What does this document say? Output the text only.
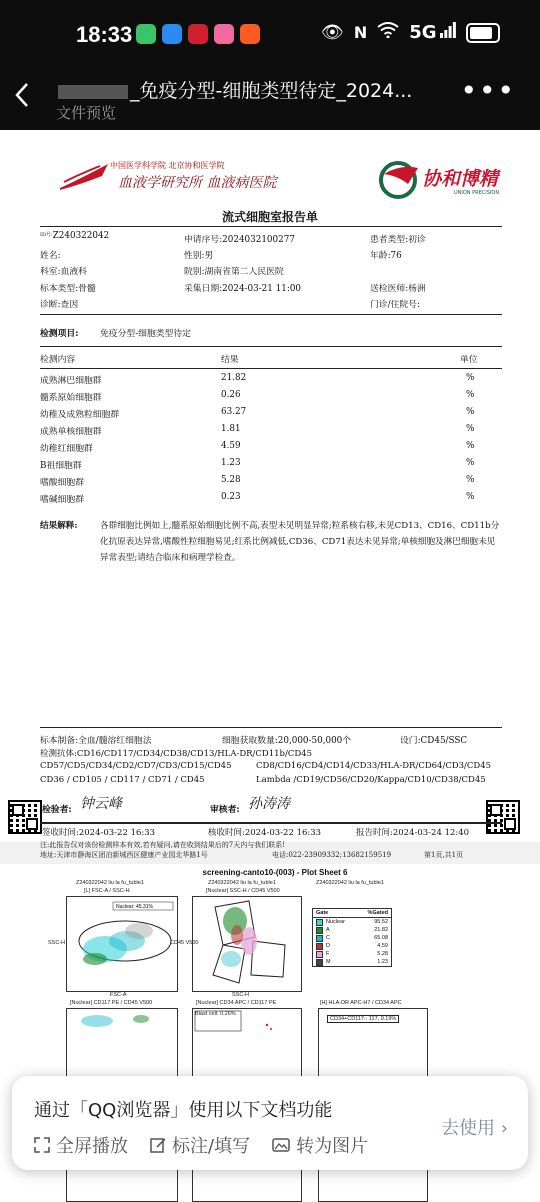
18:33	👁 N 5G
_免疫分型-细胞类型待定_2024...
文件预览
•••
中国医学科学院 北京协和医学院
血液学研究所 血液病医院	协和博精
UNION PRECISION
流式细胞室报告单
$^{ID号:}$Z240322042	申请序号:2024032100277	患者类型:初诊
姓名:	性别:男	年龄:76
科室:血液科	院别:湖南省第二人民医院
标本类型:骨髓	采集日期:2024-03-21 11:00	送检医师:杨洲
诊断:查因	门诊/住院号:
检测项目: 免疫分型-细胞类型待定
检测内容	结果	单位
成熟淋巴细胞群	21.82	%
髓系原始细胞群	0.26	%
幼稚及成熟粒细胞群	63.27	%
成熟单核细胞群	1.81	%
幼稚红细胞群	4.59	%
B祖细胞群	1.23	%
嗜酸细胞群	5.28	%
嗜碱细胞群	0.23	%
结果解释:	各群细胞比例如上,髓系原始细胞比例不高,表型未见明显异常;粒系核右移,未见CD13、CD16、CD11b分化抗原表达异常,嗜酸性粒细胞易见;红系比例减低,CD36、CD71表达未见异常;单核细胞及淋巴细胞未见异常表型;请结合临床和病理学检查。
标本制备:全血/髓溶红细胞法	细胞获取数量:20,000-50,000个	设门:CD45/SSC
检测抗体:CD16/CD117/CD34/CD38/CD13/HLA-DR/CD11b/CD45
CD57/CD5/CD34/CD2/CD7/CD3/CD15/CD45	CD8/CD16/CD4/CD14/CD33/HLA-DR/CD64/CD3/CD45
CD36 / CD105 / CD117 / CD71 / CD45	Lambda /CD19/CD56/CD20/Kappa/CD10/CD38/CD45
检验者: 钟云峰	审核者: 孙涛涛
签收时间:2024-03-22 16:33	核收时间:2024-03-22 16:33	报告时间:2024-03-24 12:40
注:此报告仅对该份检测样本有效,若有疑问,请在收到结果后的7天内与我们联系!
地址:天津市静海区团泊新城西区健康产业园北华路1号	电话:022-23909332;13682159519	第1页,共1页
screening-canto10-(003) - Plot Sheet 6
Z240322042 liu la fu_tuble1
[L] FSC-A / SSC-H
Z240322042 liu la fu_tuble1
[Nuclear] SSC-H / CD45 V500
Z240322042 liu la fu_tuble1
Nuclear: 45.31%
FSC-A
SSC-H
SSC-H
CD45 V500
Gate	%Gated
Nuclear	95.52
A	21.82
C	65.08
D	4.59
F	5.28
M	1.23
[Nuclear] CD117 PE / CD45 V500	[Nuclear] CD34 APC / CD117 PE	[H] HLA-DR APC-H7 / CD34 APC
Blast cell: 0.26%
CD34+CD117-: 117, 0.19%
通过「QQ浏览器」使用以下文档功能
全屏播放 标注/填写	转为图片
去使用 ›
